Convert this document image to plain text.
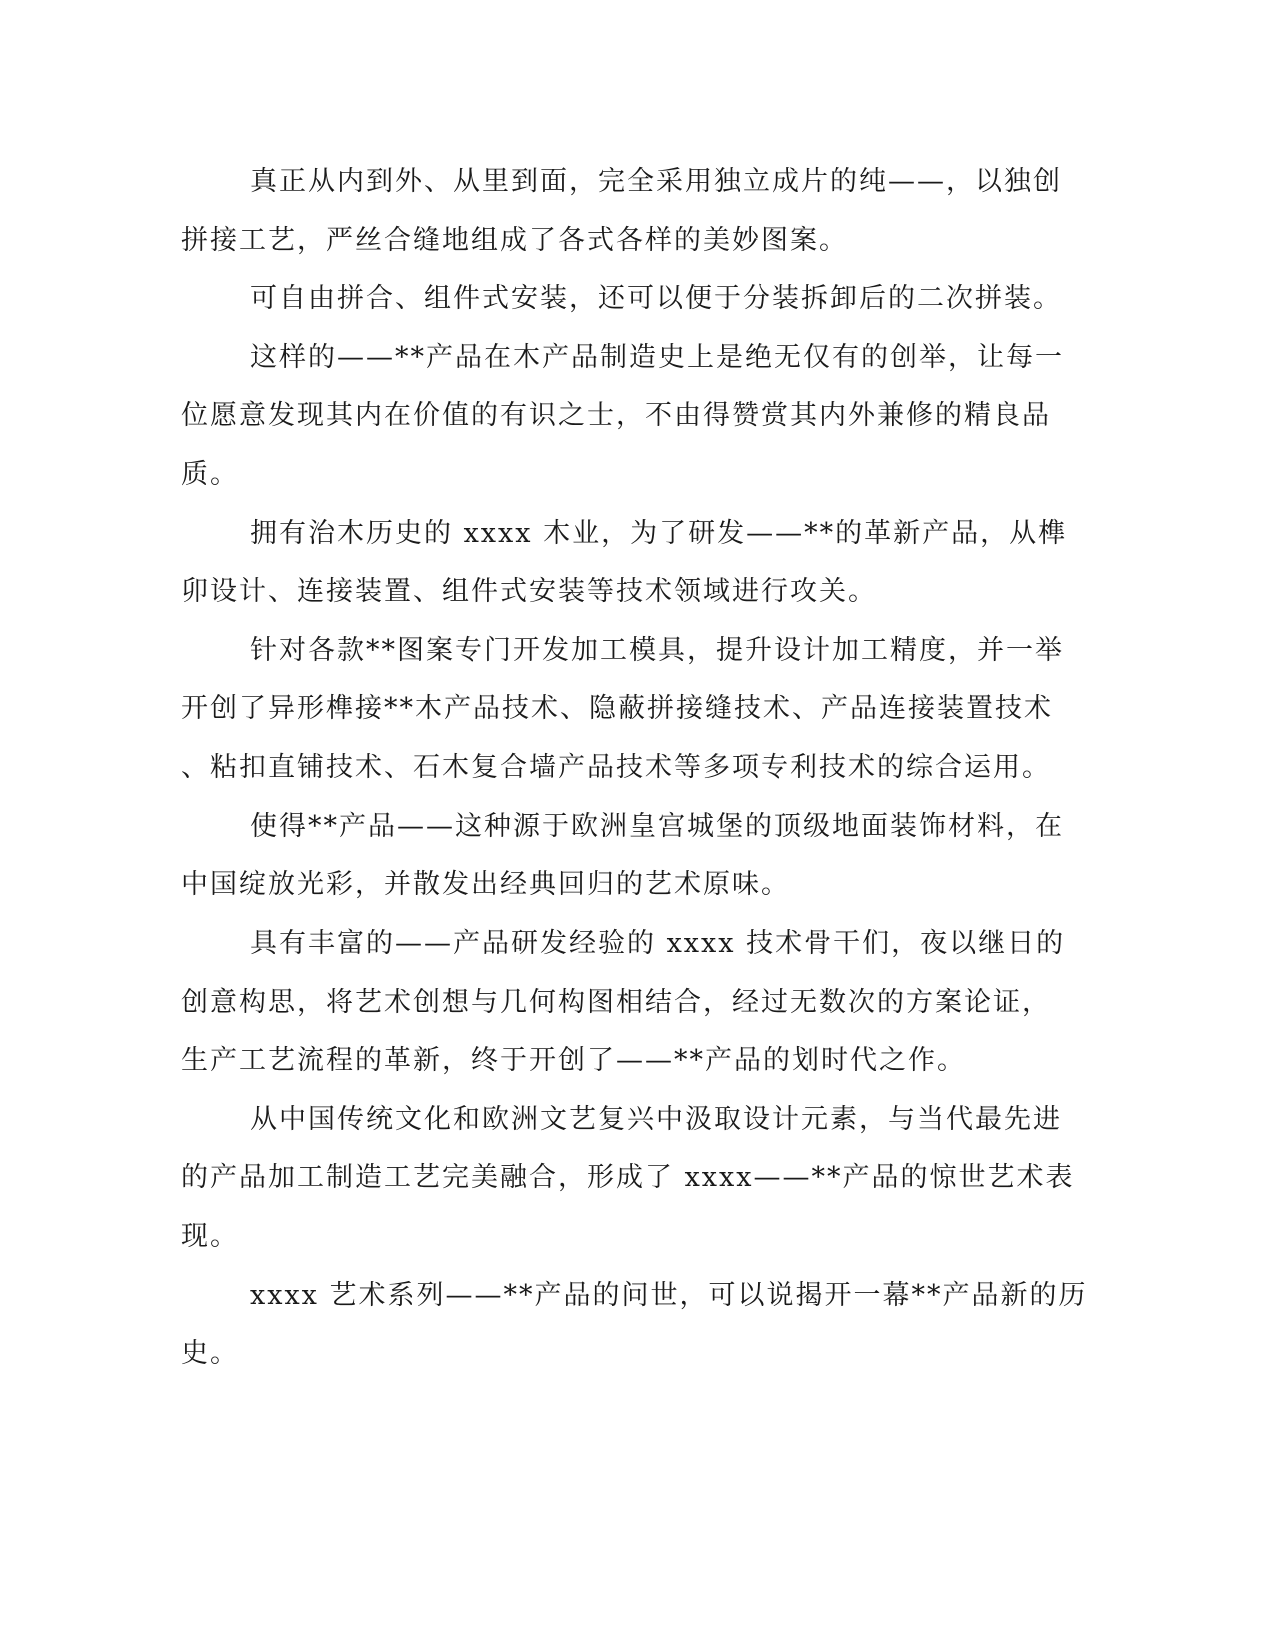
真正从内到外、从里到面，完全采用独立成片的纯——，以独创

拼接工艺，严丝合缝地组成了各式各样的美妙图案。

可自由拼合、组件式安装，还可以便于分装拆卸后的二次拼装。

这样的——**产品在木产品制造史上是绝无仅有的创举，让每一

位愿意发现其内在价值的有识之士，不由得赞赏其内外兼修的精良品

质。

拥有治木历史的 xxxx 木业，为了研发——**的革新产品，从榫

卯设计、连接装置、组件式安装等技术领域进行攻关。

针对各款**图案专门开发加工模具，提升设计加工精度，并一举

开创了异形榫接**木产品技术、隐蔽拼接缝技术、产品连接装置技术

、粘扣直铺技术、石木复合墙产品技术等多项专利技术的综合运用。

使得**产品——这种源于欧洲皇宫城堡的顶级地面装饰材料，在

中国绽放光彩，并散发出经典回归的艺术原味。

具有丰富的——产品研发经验的 xxxx 技术骨干们，夜以继日的

创意构思，将艺术创想与几何构图相结合，经过无数次的方案论证，

生产工艺流程的革新，终于开创了——**产品的划时代之作。

从中国传统文化和欧洲文艺复兴中汲取设计元素，与当代最先进

的产品加工制造工艺完美融合，形成了 xxxx——**产品的惊世艺术表

现。

xxxx 艺术系列——**产品的问世，可以说揭开一幕**产品新的历

史。
